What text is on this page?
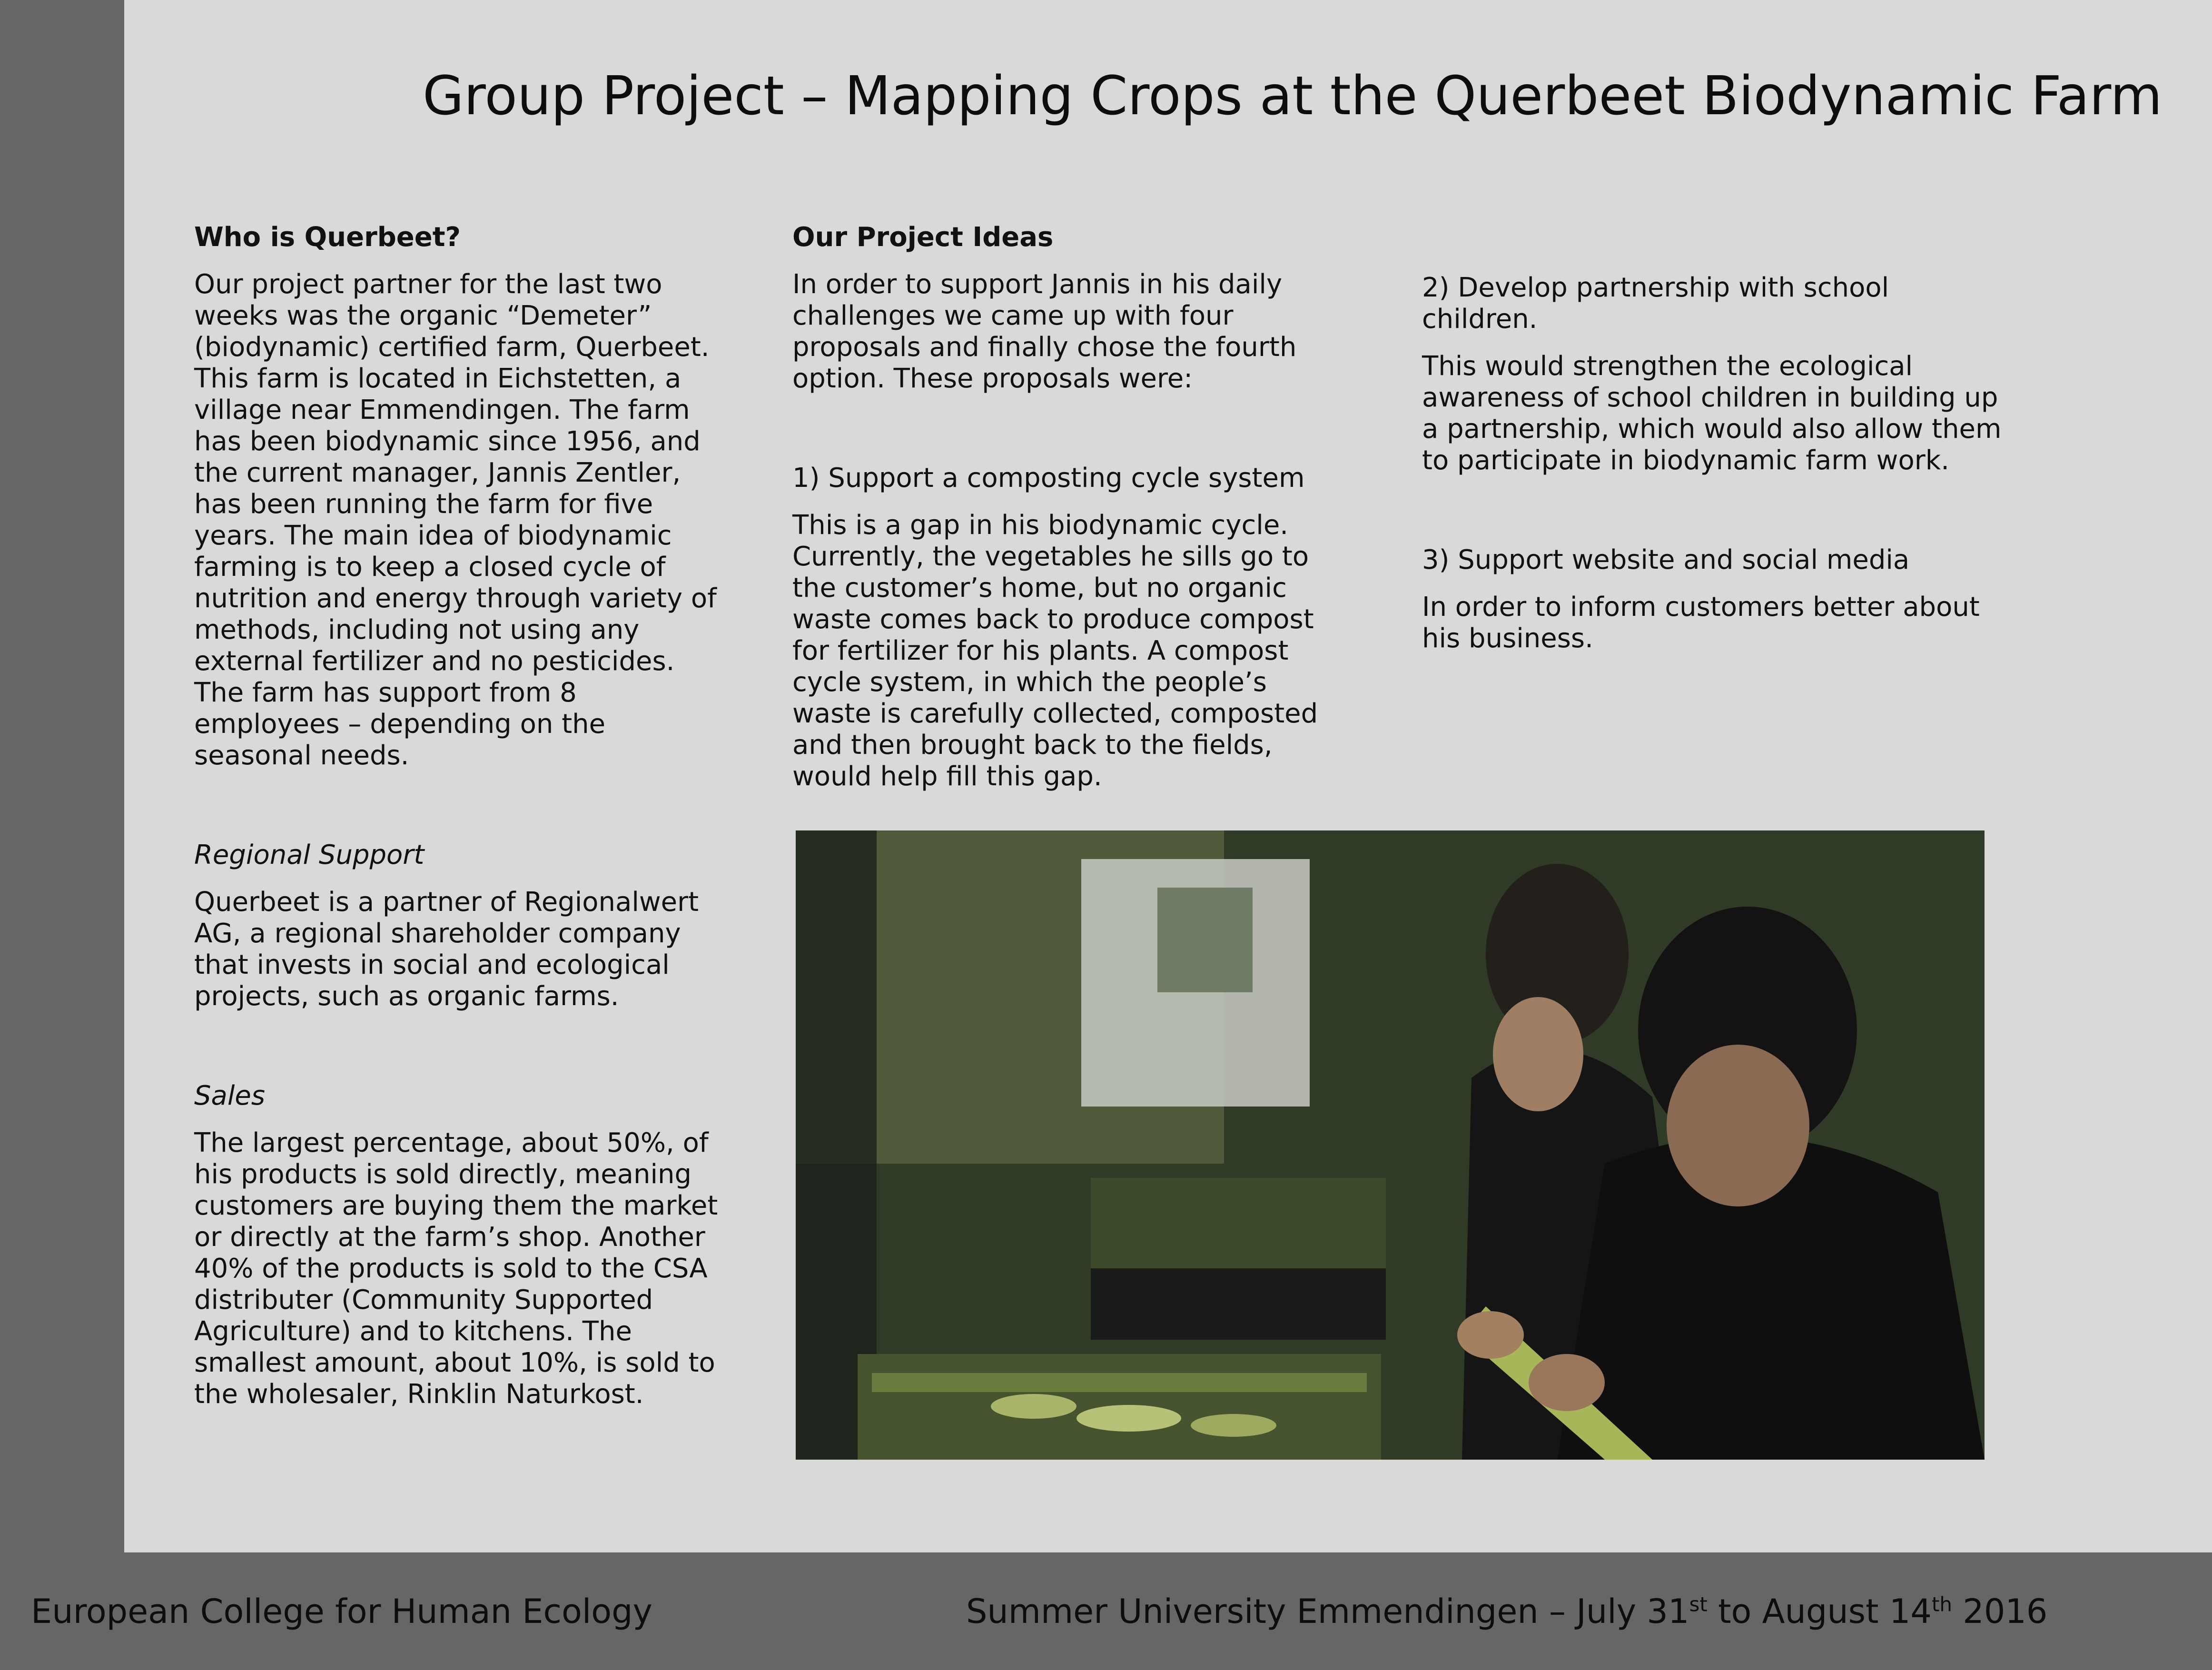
Group Project – Mapping Crops at the Querbeet Biodynamic Farm
Who is Querbeet?

Our project partner for the last two weeks was the organic “Demeter” (biodynamic) certified farm, Querbeet. This farm is located in Eichstetten, a village near Emmendingen. The farm has been biodynamic since 1956, and the current manager, Jannis Zentler, has been running the farm for five years. The main idea of biodynamic farming is to keep a closed cycle of nutrition and energy through variety of methods, including not using any external fertilizer and no pesticides. The farm has support from 8 employees – depending on the seasonal needs.

Regional Support

Querbeet is a partner of Regionalwert AG, a regional shareholder company that invests in social and ecological projects, such as organic farms.

Sales

The largest percentage, about 50%, of his products is sold directly, meaning customers are buying them the market or directly at the farm’s shop. Another 40% of the products is sold to the CSA distributer (Community Supported Agriculture) and to kitchens. The smallest amount, about 10%, is sold to the wholesaler, Rinklin Naturkost.

Our Project Ideas

In order to support Jannis in his daily challenges we came up with four proposals and finally chose the fourth option. These proposals were:

1) Support a composting cycle system

This is a gap in his biodynamic cycle. Currently, the vegetables he sills go to the customer’s home, but no organic waste comes back to produce compost for fertilizer for his plants. A compost cycle system, in which the people’s waste is carefully collected, composted and then brought back to the fields, would help fill this gap.

2) Develop partnership with school children.

This would strengthen the ecological awareness of school children in building up a partnership, which would also allow them to participate in biodynamic farm work.

3) Support website and social media

In order to inform customers better about his business.

European College for Human Ecology	Summer University Emmendingen – July 31st to August 14th 2016
